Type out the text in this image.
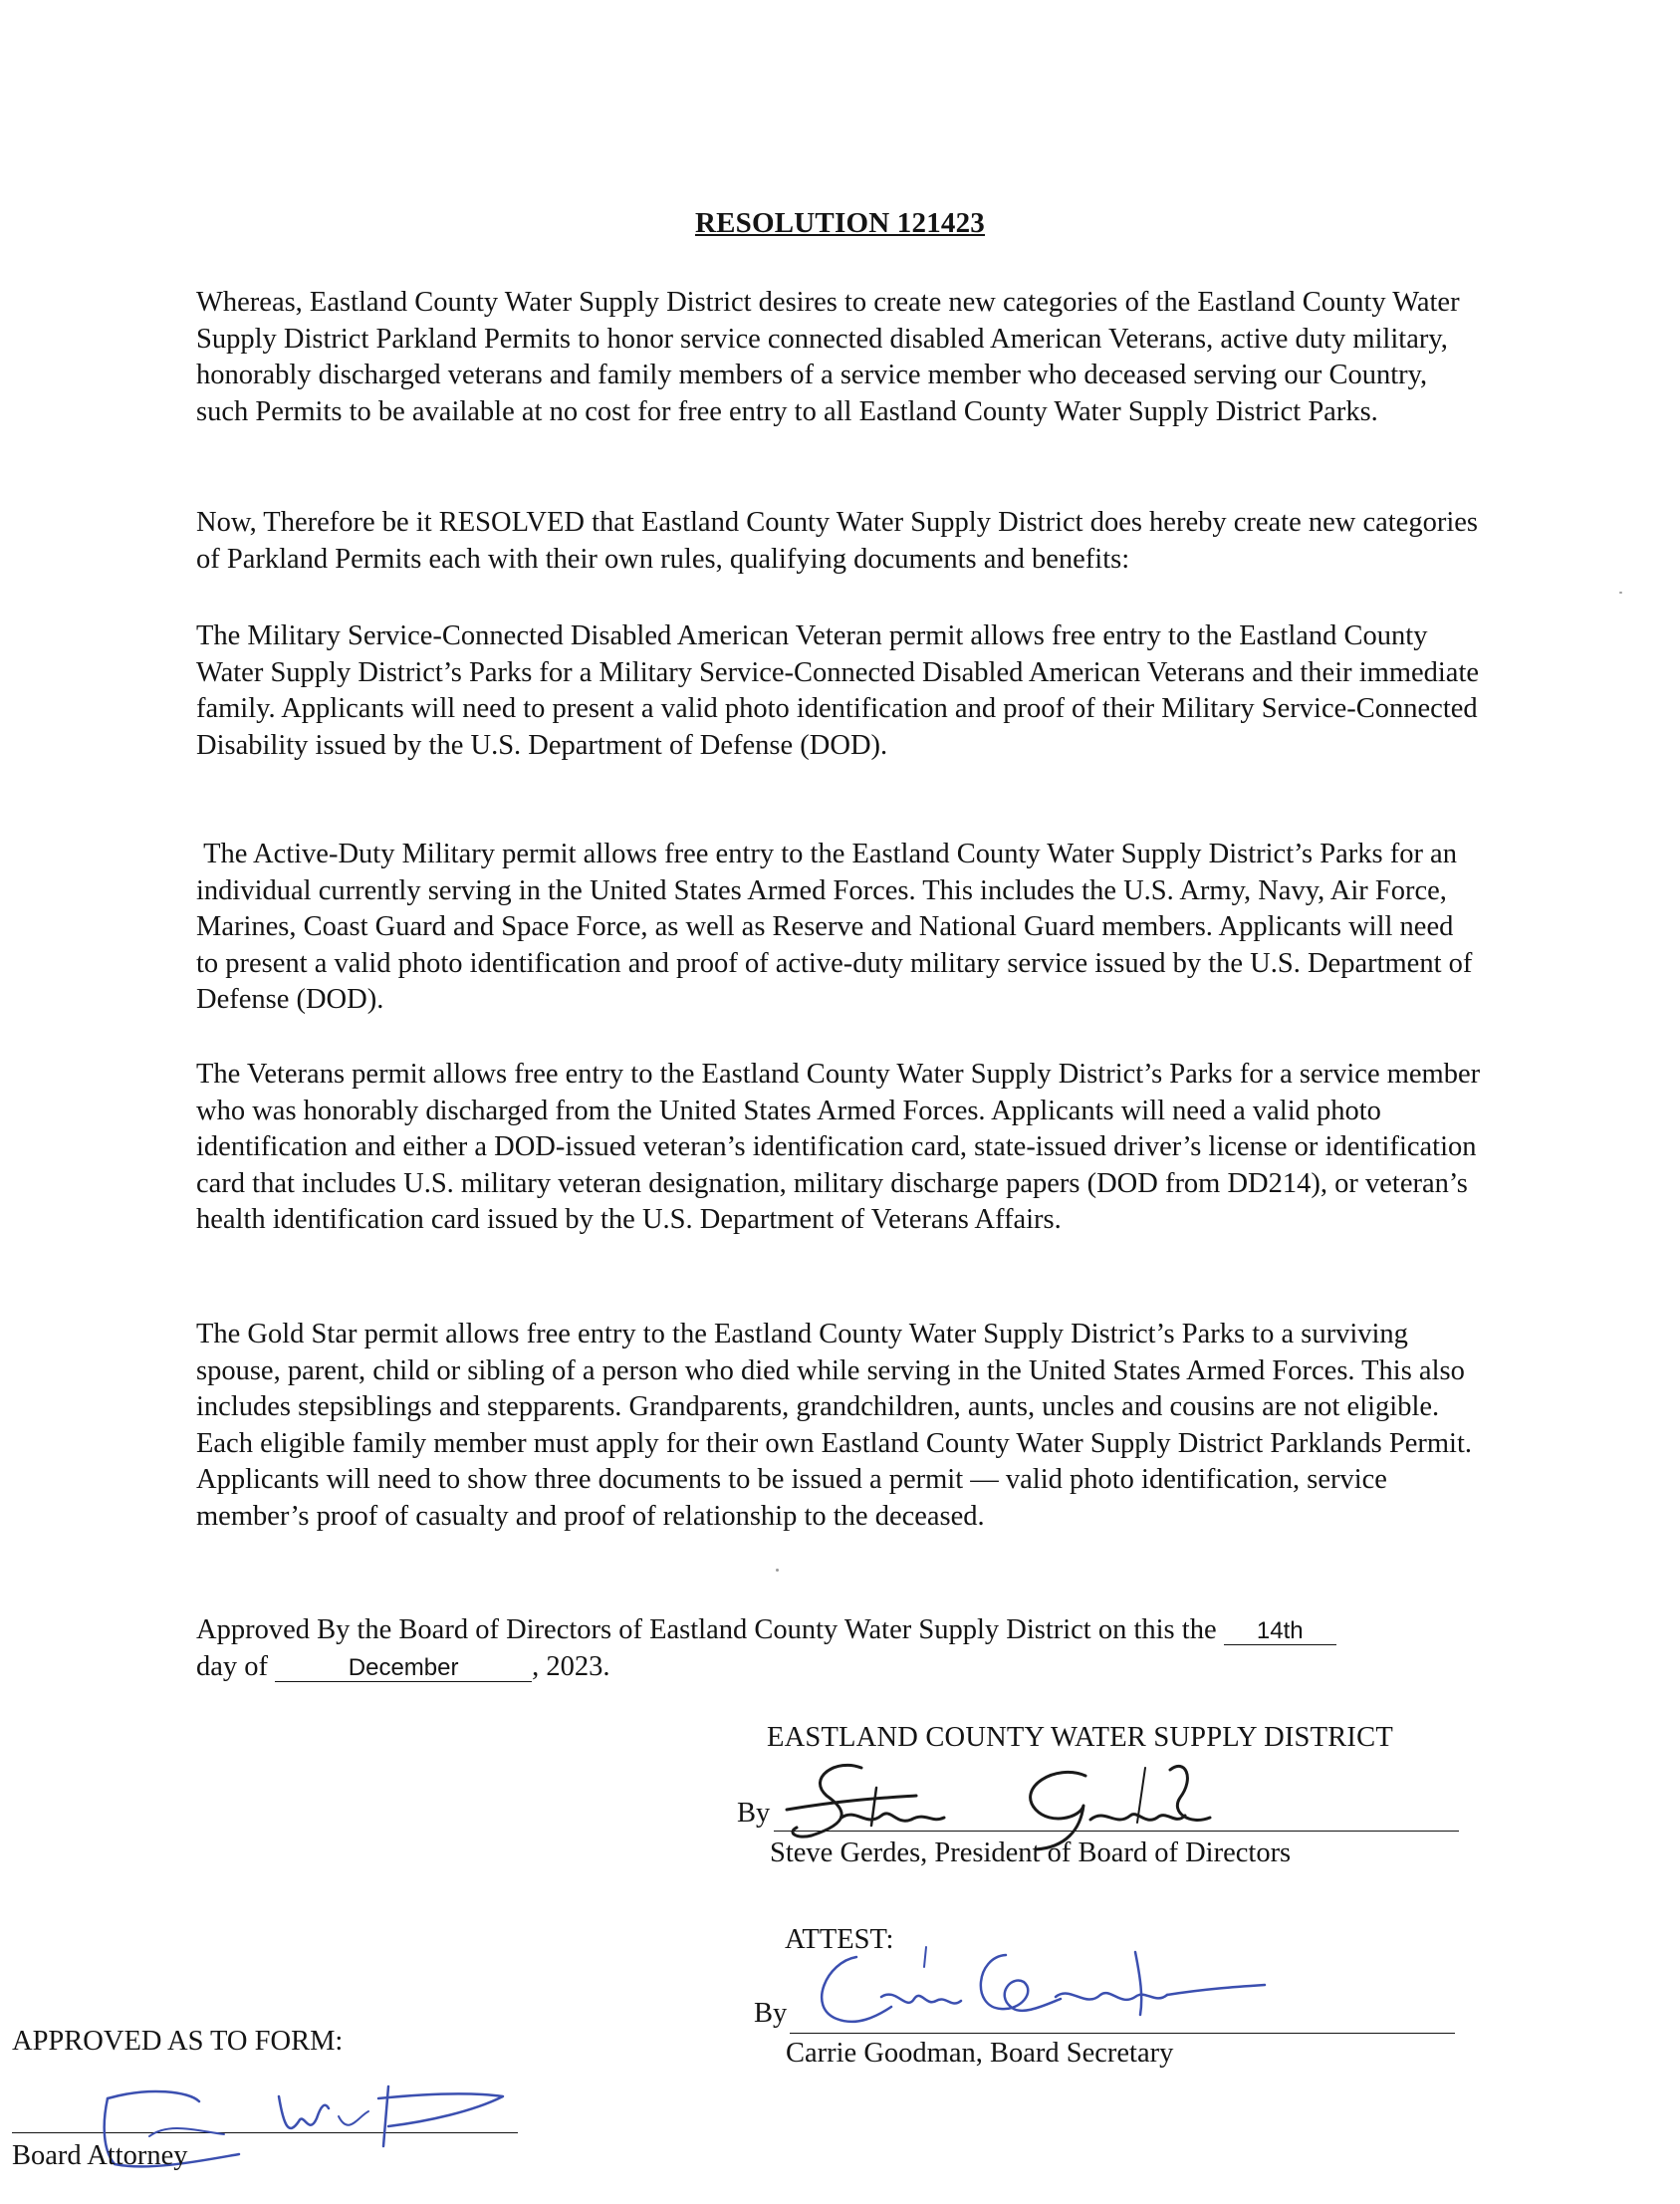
RESOLUTION 121423
Whereas, Eastland County Water Supply District desires to create new categories of the Eastland County Water Supply District Parkland Permits to honor service connected disabled American Veterans, active duty military, honorably discharged veterans and family members of a service member who deceased serving our Country, such Permits to be available at no cost for free entry to all Eastland County Water Supply District Parks.
Now, Therefore be it RESOLVED that Eastland County Water Supply District does hereby create new categories of Parkland Permits each with their own rules, qualifying documents and benefits:
The Military Service-Connected Disabled American Veteran permit allows free entry to the Eastland County Water Supply District’s Parks for a Military Service-Connected Disabled American Veterans and their immediate family. Applicants will need to present a valid photo identification and proof of their Military Service-Connected Disability issued by the U.S. Department of Defense (DOD).
The Active-Duty Military permit allows free entry to the Eastland County Water Supply District’s Parks for an individual currently serving in the United States Armed Forces. This includes the U.S. Army, Navy, Air Force, Marines, Coast Guard and Space Force, as well as Reserve and National Guard members. Applicants will need to present a valid photo identification and proof of active-duty military service issued by the U.S. Department of Defense (DOD).
The Veterans permit allows free entry to the Eastland County Water Supply District’s Parks for a service member who was honorably discharged from the United States Armed Forces. Applicants will need a valid photo identification and either a DOD-issued veteran’s identification card, state-issued driver’s license or identification card that includes U.S. military veteran designation, military discharge papers (DOD from DD214), or veteran’s health identification card issued by the U.S. Department of Veterans Affairs.
The Gold Star permit allows free entry to the Eastland County Water Supply District’s Parks to a surviving spouse, parent, child or sibling of a person who died while serving in the United States Armed Forces. This also includes stepsiblings and stepparents. Grandparents, grandchildren, aunts, uncles and cousins are not eligible. Each eligible family member must apply for their own Eastland County Water Supply District Parklands Permit. Applicants will need to show three documents to be issued a permit — valid photo identification, service member’s proof of casualty and proof of relationship to the deceased.
Approved By the Board of Directors of Eastland County Water Supply District on this the 14th
day of	December	, 2023.
EASTLAND COUNTY WATER SUPPLY DISTRICT
By
Steve Gerdes, President of Board of Directors
ATTEST:
By
Carrie Goodman, Board Secretary
APPROVED AS TO FORM:
Board Attorney
